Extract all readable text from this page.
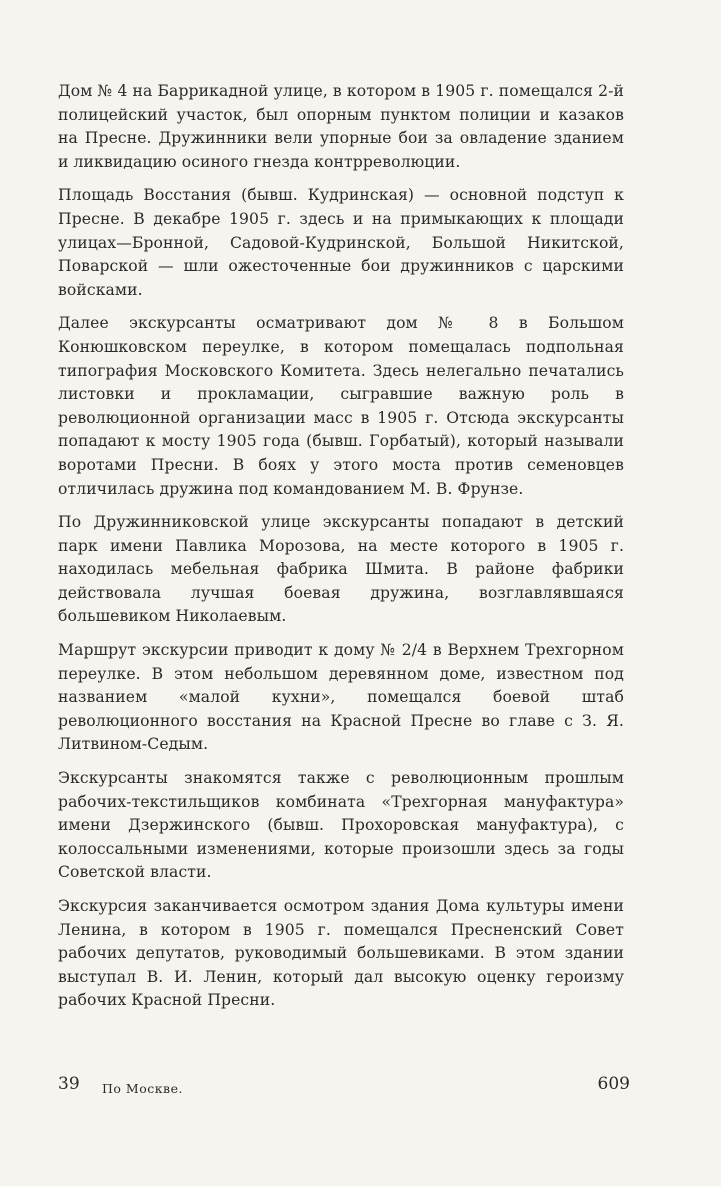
Дом № 4 на Баррикадной улице, в котором в 1905 г. помещался 2-й полицейский участок, был опорным пунктом полиции и казаков на Пресне. Дружинники вели упорные бои за овладение зданием и ликвидацию осиного гнезда контрреволюции.

Площадь Восстания (бывш. Кудринская) — основной подступ к Пресне. В декабре 1905 г. здесь и на примыкающих к площади улицах—Бронной, Садовой-Кудринской, Большой Никитской, Поварской — шли ожесточенные бои дружинников с царскими войсками.

Далее экскурсанты осматривают дом № 8 в Большом Конюшковском переулке, в котором помещалась подпольная типография Московского Комитета. Здесь нелегально печатались листовки и прокламации, сыгравшие важную роль в революционной организации масс в 1905 г. Отсюда экскурсанты попадают к мосту 1905 года (бывш. Горбатый), который называли воротами Пресни. В боях у этого моста против семеновцев отличилась дружина под командованием М. В. Фрунзе.

По Дружинниковской улице экскурсанты попадают в детский парк имени Павлика Морозова, на месте которого в 1905 г. находилась мебельная фабрика Шмита. В районе фабрики действовала лучшая боевая дружина, возглавлявшаяся большевиком Николаевым.

Маршрут экскурсии приводит к дому № 2/4 в Верхнем Трехгорном переулке. В этом небольшом деревянном доме, известном под названием «малой кухни», помещался боевой штаб революционного восстания на Красной Пресне во главе с З. Я. Литвином-Седым.

Экскурсанты знакомятся также с революционным прошлым рабочих-текстильщиков комбината «Трехгорная мануфактура» имени Дзержинского (бывш. Прохоровская мануфактура), с колоссальными изменениями, которые произошли здесь за годы Советской власти.

Экскурсия заканчивается осмотром здания Дома культуры имени Ленина, в котором в 1905 г. помещался Пресненский Совет рабочих депутатов, руководимый большевиками. В этом здании выступал В. И. Ленин, который дал высокую оценку героизму рабочих Красной Пресни.

39 По Москве.	609
